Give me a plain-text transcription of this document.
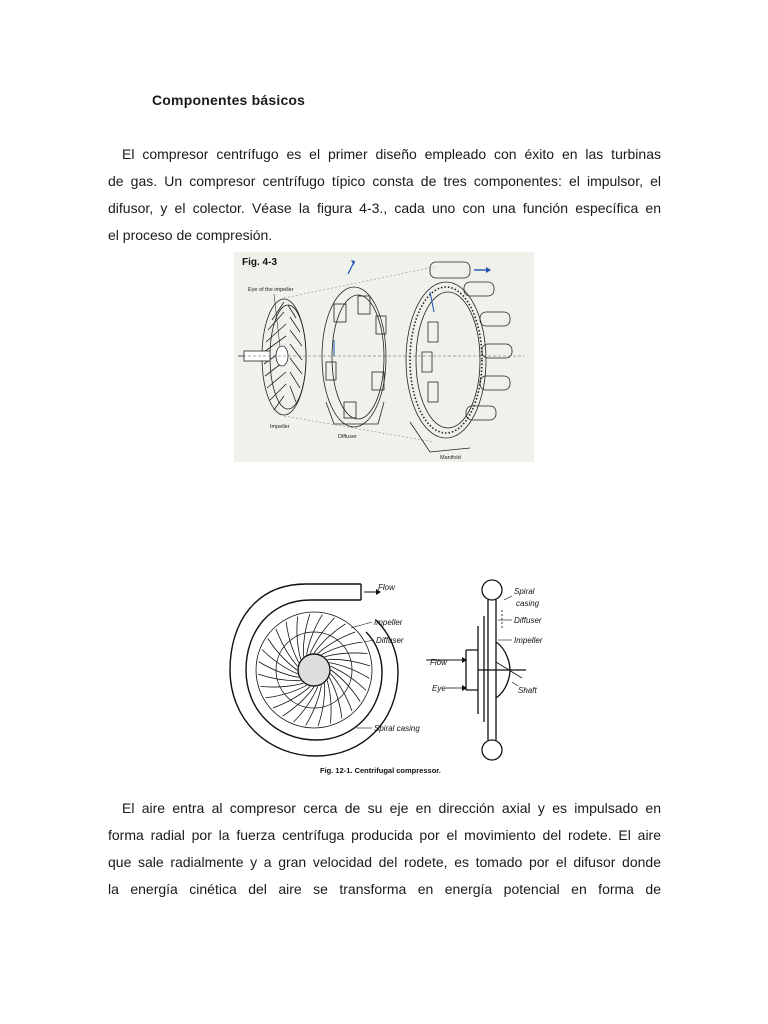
Componentes básicos
El compresor centrífugo es el primer diseño empleado con éxito en las turbinas
de gas. Un compresor centrífugo típico consta de tres componentes: el impulsor, el
difusor, y el colector. Véase la figura 4-3., cada uno con una función específica en
el proceso de compresión.
Fig. 4-3
Eye of the impeller
Impeller
Diffuser
Manifold
Flow
Impeller
Diffuser
Spiral casing
Flow
Eye
Spiral
casing
Diffuser
Impeller
Shaft
Fig. 12-1. Centrifugal compressor.
El aire entra al compresor cerca de su eje en dirección axial y es impulsado en
forma radial por la fuerza centrífuga producida por el movimiento del rodete. El aire
que sale radialmente y a gran velocidad del rodete, es tomado por el difusor donde
la energía cinética del aire se transforma en energía potencial en forma de
